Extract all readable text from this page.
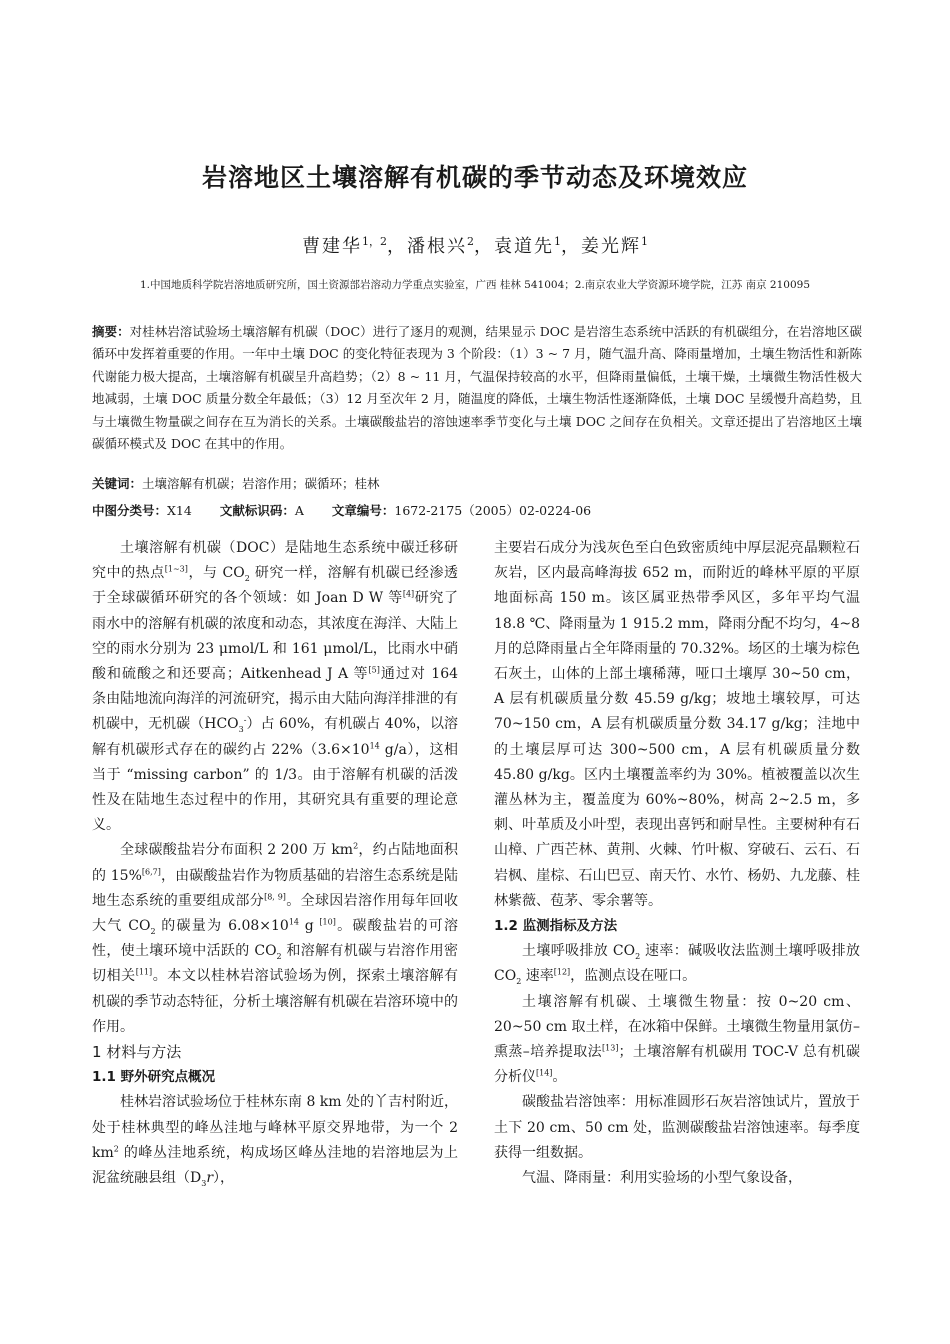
岩溶地区土壤溶解有机碳的季节动态及环境效应
曹建华$^{1,2}$，潘根兴$^2$，袁道先$^1$，姜光辉$^1$
1.中国地质科学院岩溶地质研究所，国土资源部岩溶动力学重点实验室，广西 桂林 541004；2.南京农业大学资源环境学院，江苏 南京 210095
摘要：对桂林岩溶试验场土壤溶解有机碳（DOC）进行了逐月的观测，结果显示 DOC 是岩溶生态系统中活跃的有机碳组分，在岩溶地区碳循环中发挥着重要的作用。一年中土壤 DOC 的变化特征表现为 3 个阶段：（1）3 ~ 7 月，随气温升高、降雨量增加，土壤生物活性和新陈代谢能力极大提高，土壤溶解有机碳呈升高趋势；（2）8 ~ 11 月，气温保持较高的水平，但降雨量偏低，土壤干燥，土壤微生物活性极大地减弱，土壤 DOC 质量分数全年最低；（3）12 月至次年 2 月，随温度的降低，土壤生物活性逐渐降低，土壤 DOC 呈缓慢升高趋势，且与土壤微生物量碳之间存在互为消长的关系。土壤碳酸盐岩的溶蚀速率季节变化与土壤 DOC 之间存在负相关。文章还提出了岩溶地区土壤碳循环模式及 DOC 在其中的作用。
关键词：土壤溶解有机碳；岩溶作用；碳循环；桂林
中图分类号：X14 文献标识码：A 文章编号：1672-2175（2005）02-0224-06

土壤溶解有机碳（DOC）是陆地生态系统中碳迁移研究中的热点[1~3]，与 $CO_2$ 研究一样，溶解有机碳已经渗透于全球碳循环研究的各个领域：如 Joan D W 等[4]研究了雨水中的溶解有机碳的浓度和动态，其浓度在海洋、大陆上空的雨水分别为 23 μmol/L 和 161 μmol/L，比雨水中硝酸和硫酸之和还要高；Aitkenhead J A 等[5]通过对 164 条由陆地流向海洋的河流研究，揭示由大陆向海洋排泄的有机碳中，无机碳$(HCO_3^-)$占 60%，有机碳占 40%，以溶解有机碳形式存在的碳约占 $22\%(3.6\times 10^{14}$ g/a），这相当于 “missing carbon” 的 1/3。由于溶解有机碳的活泼性及在陆地生态过程中的作用，其研究具有重要的理论意义。

全球碳酸盐岩分布面积 2 200 万 $km^2$，约占陆地面积的 15%[6,7]，由碳酸盐岩作为物质基础的岩溶生态系统是陆地生态系统的重要组成部分[8, 9]。全球因岩溶作用每年回收大气 $CO_2$ 的碳量为 $6.08\times 10^{14}$ g [10]。碳酸盐岩的可溶性，使土壤环境中活跃的 $CO_2$ 和溶解有机碳与岩溶作用密切相关[11]。本文以桂林岩溶试验场为例，探索土壤溶解有机碳的季节动态特征，分析土壤溶解有机碳在岩溶环境中的作用。

1 材料与方法
1.1 野外研究点概况

桂林岩溶试验场位于桂林东南 8 km 处的丫吉村附近，处于桂林典型的峰丛洼地与峰林平原交界地带，为一个 2 $km^2$ 的峰丛洼地系统，构成场区峰丛洼地的岩溶地层为上泥盆统融县组$(D_3r)$，

主要岩石成分为浅灰色至白色致密质纯中厚层泥亮晶颗粒石灰岩，区内最高峰海拔 652 m，而附近的峰林平原的平原地面标高 150 m。该区属亚热带季风区，多年平均气温 18.8 ℃、降雨量为 1 915.2 mm，降雨分配不均匀，4~8 月的总降雨量占全年降雨量的 70.32%。场区的土壤为棕色石灰土，山体的上部土壤稀薄，哑口土壤厚 30~50 cm，A 层有机碳质量分数 45.59 g/kg；坡地土壤较厚，可达 70~150 cm，A 层有机碳质量分数 34.17 g/kg；洼地中的土壤层厚可达 300~500 cm，A 层有机碳质量分数 45.80 g/kg。区内土壤覆盖率约为 30%。植被覆盖以次生灌丛林为主，覆盖度为 60%~80%，树高 2~2.5 m，多刺、叶革质及小叶型，表现出喜钙和耐旱性。主要树种有石山樟、广西芒林、黄荆、火棘、竹叶椒、穿破石、云石、石岩枫、崖棕、石山巴豆、南天竹、水竹、杨奶、九龙藤、桂林紫薇、苞茅、零余薯等。

1.2 监测指标及方法

土壤呼吸排放 $CO_2$ 速率：碱吸收法监测土壤呼吸排放 $CO_2$ 速率[12]，监测点设在哑口。

土壤溶解有机碳、土壤微生物量：按 0~20 cm、20~50 cm 取土样，在冰箱中保鲜。土壤微生物量用氯仿–熏蒸–培养提取法[13]；土壤溶解有机碳用 TOC-V 总有机碳分析仪[14]。

碳酸盐岩溶蚀率：用标准圆形石灰岩溶蚀试片，置放于土下 20 cm、50 cm 处，监测碳酸盐岩溶蚀速率。每季度获得一组数据。

气温、降雨量：利用实验场的小型气象设备，
